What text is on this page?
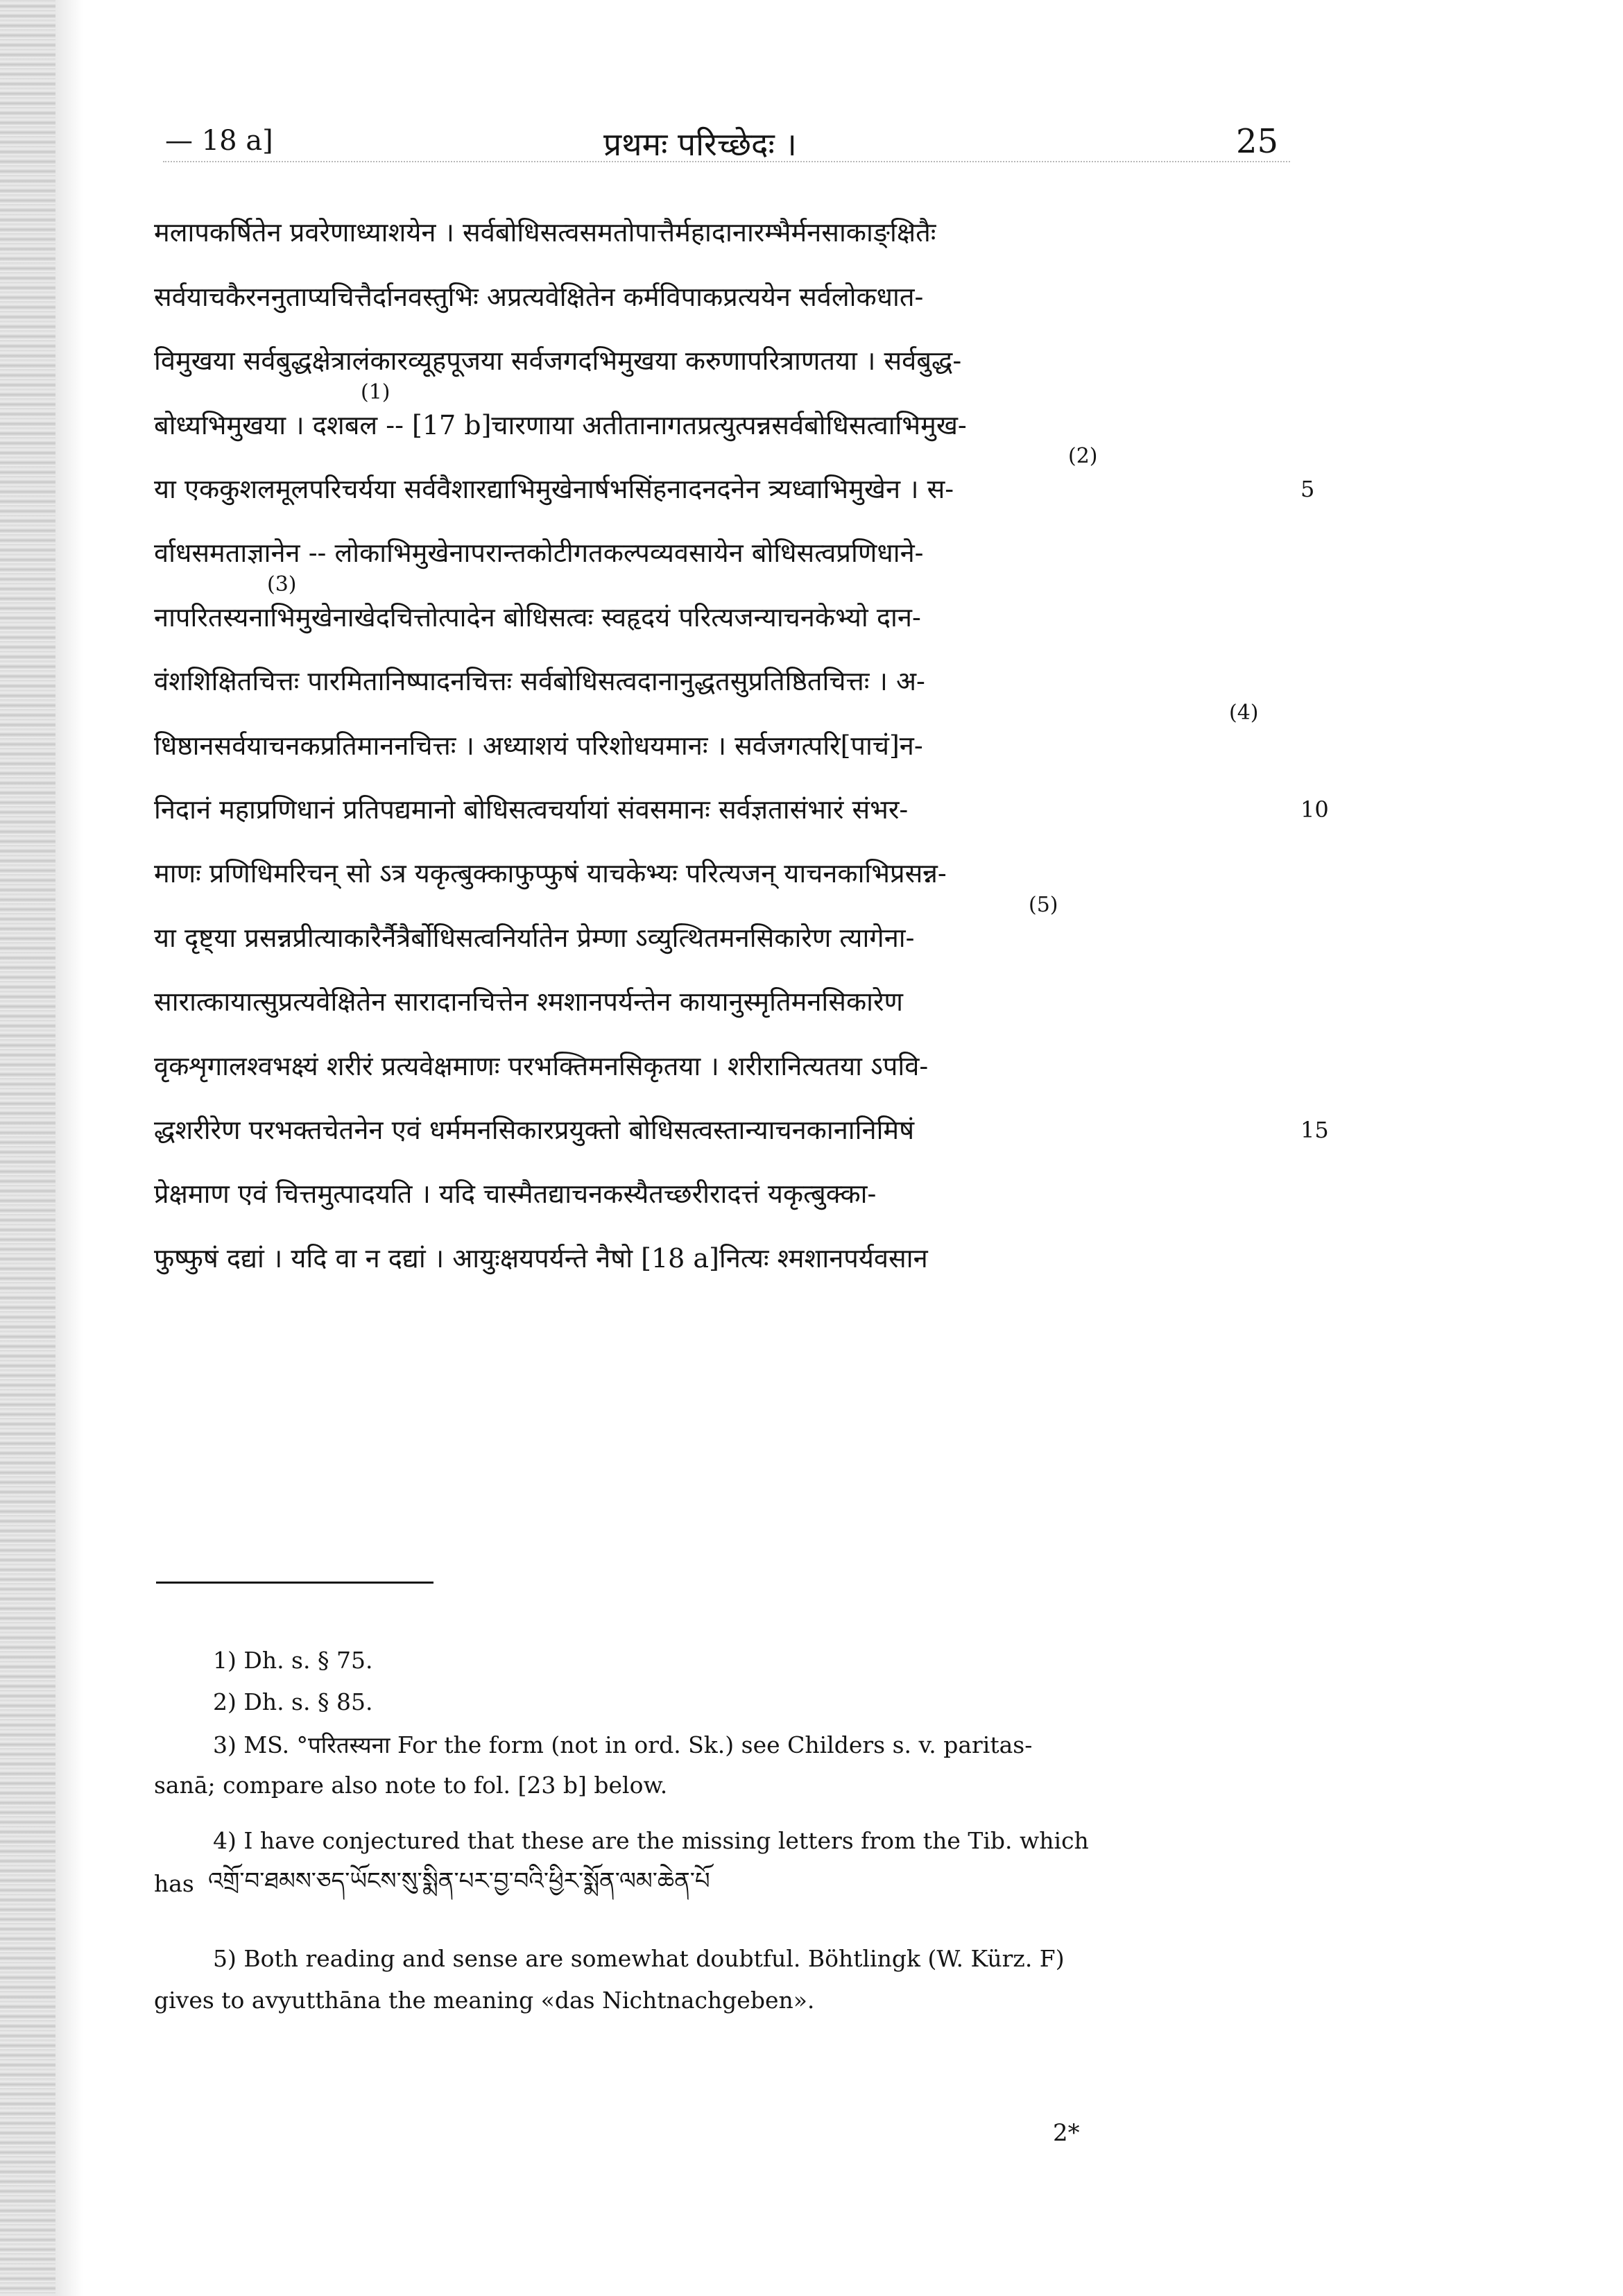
— 18 a]	प्रथमः परिच्छेदः ।	25
मलापकर्षितेन प्रवरेणाध्याशयेन । सर्वबोधिसत्वसमतोपात्तैर्महादानारम्भैर्मनसाकाङ्क्षितैः
सर्वयाचकैरननुताप्यचित्तैर्दानवस्तुभिः अप्रत्यवेक्षितेन कर्मविपाकप्रत्ययेन सर्वलोकधात-
विमुखया सर्वबुद्धक्षेत्रालंकारव्यूहपूजया सर्वजगदभिमुखया करुणापरित्राणतया । सर्वबुद्ध-
बोध्यभिमुखया । दशबल -- [17 b]चारणाया अतीतानागतप्रत्युत्पन्नसर्वबोधिसत्वाभिमुख-
या एककुशलमूलपरिचर्यया सर्ववैशारद्याभिमुखेनार्षभसिंहनादनदनेन त्र्यध्वाभिमुखेन । स-
र्वाधसमताज्ञानेन -- लोकाभिमुखेनापरान्तकोटीगतकल्पव्यवसायेन बोधिसत्वप्रणिधाने-
नापरितस्यनाभिमुखेनाखेदचित्तोत्पादेन बोधिसत्वः स्वहृदयं परित्यजन्याचनकेभ्यो दान-
वंशशिक्षितचित्तः पारमितानिष्पादनचित्तः सर्वबोधिसत्वदानानुद्धतसुप्रतिष्ठितचित्तः । अ-
धिष्ठानसर्वयाचनकप्रतिमाननचित्तः । अध्याशयं परिशोधयमानः । सर्वजगत्परि[पाचं]न-
निदानं महाप्रणिधानं प्रतिपद्यमानो बोधिसत्वचर्यायां संवसमानः सर्वज्ञतासंभारं संभर-
माणः प्रणिधिमरिचन् सो ऽत्र यकृत्बुक्काफुप्फुषं याचकेभ्यः परित्यजन् याचनकाभिप्रसन्न-
या दृष्ट्या प्रसन्नप्रीत्याकारैर्नैत्रैर्बोधिसत्वनिर्यातेन प्रेम्णा ऽव्युत्थितमनसिकारेण त्यागेना-
सारात्कायात्सुप्रत्यवेक्षितेन सारादानचित्तेन श्मशानपर्यन्तेन कायानुस्मृतिमनसिकारेण
वृकशृगालश्वभक्ष्यं शरीरं प्रत्यवेक्षमाणः परभक्तिमनसिकृतया । शरीरानित्यतया ऽपवि-
द्धशरीरेण परभक्तचेतनेन एवं धर्ममनसिकारप्रयुक्तो बोधिसत्वस्तान्याचनकानानिमिषं
प्रेक्षमाण एवं चित्तमुत्पादयति । यदि चास्मैतद्याचनकस्यैतच्छरीरादत्तं यकृत्बुक्का-
फुष्फुषं दद्यां । यदि वा न दद्यां । आयुःक्षयपर्यन्ते नैषो [18 a]नित्यः श्मशानपर्यवसान
(1)
(2)
(3)
(4)
(5)
5
10
15
1) Dh. s. § 75.
2) Dh. s. § 85.
3) MS. °परितस्यना For the form (not in ord. Sk.) see Childers s. v. paritas-
sanā; compare also note to fol. [23 b] below.
4) I have conjectured that these are the missing letters from the Tib. which
has
5) Both reading and sense are somewhat doubtful. Böhtlingk (W. Kürz. F)
gives to avyutthāna the meaning «das Nichtnachgeben».
འགྲོ་བ་ཐམས་ཅད་ཡོངས་སུ་སྨིན་པར་བྱ་བའི་ཕྱིར་སྨོན་ལམ་ཆེན་པོ
2*
